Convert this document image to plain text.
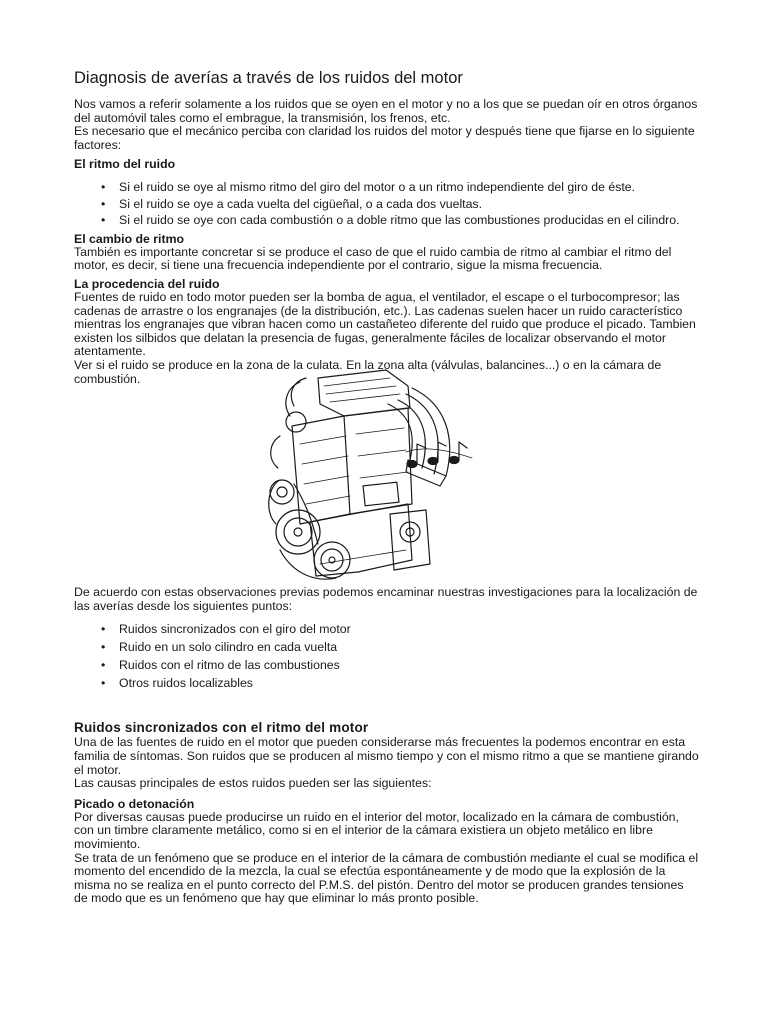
Diagnosis de averías a través de los ruidos del motor

Nos vamos a referir solamente a los ruidos que se oyen en el motor y no a los que se puedan oír en otros órganos del automóvil tales como el embrague, la transmisión, los frenos, etc.

Es necesario que el mecánico perciba con claridad los ruidos del motor y después tiene que fijarse en lo siguiente factores:

El ritmo del ruido
• Si el ruido se oye al mismo ritmo del giro del motor o a un ritmo independiente del giro de éste.
• Si el ruido se oye a cada vuelta del cigüeñal, o a cada dos vueltas.
• Si el ruido se oye con cada combustión o a doble ritmo que las combustiones producidas en el cilindro.
El cambio de ritmo

También es importante concretar si se produce el caso de que el ruido cambia de ritmo al cambiar el ritmo del motor, es decir, si tiene una frecuencia independiente por el contrario, sigue la misma frecuencia.

La procedencia del ruido

Fuentes de ruido en todo motor pueden ser la bomba de agua, el ventilador, el escape o el turbocompresor; las cadenas de arrastre o los engranajes (de la distribución, etc.). Las cadenas suelen hacer un ruido característico mientras los engranajes que vibran hacen como un castañeteo diferente del ruido que produce el picado. Tambien existen los silbidos que delatan la presencia de fugas, generalmente fáciles de localizar observando el motor atentamente.

Ver si el ruido se produce en la zona de la culata. En la zona alta (válvulas, balancines...) o en la cámara de combustión.

De acuerdo con estas observaciones previas podemos encaminar nuestras investigaciones para la localización de las averías desde los siguientes puntos:

• Ruidos sincronizados con el giro del motor
• Ruido en un solo cilindro en cada vuelta
• Ruidos con el ritmo de las combustiones
• Otros ruidos localizables
Ruidos sincronizados con el ritmo del motor

Una de las fuentes de ruido en el motor que pueden considerarse más frecuentes la podemos encontrar en esta familia de síntomas. Son ruidos que se producen al mismo tiempo y con el mismo ritmo a que se mantiene girando el motor.

Las causas principales de estos ruidos pueden ser las siguientes:

Picado o detonación

Por diversas causas puede producirse un ruido en el interior del motor, localizado en la cámara de combustión, con un timbre claramente metálico, como si en el interior de la cámara existiera un objeto metálico en libre movimiento.

Se trata de un fenómeno que se produce en el interior de la cámara de combustión mediante el cual se modifica el momento del encendido de la mezcla, la cual se efectúa espontáneamente y de modo que la explosión de la misma no se realiza en el punto correcto del P.M.S. del pistón. Dentro del motor se producen grandes tensiones de modo que es un fenómeno que hay que eliminar lo más pronto posible.
